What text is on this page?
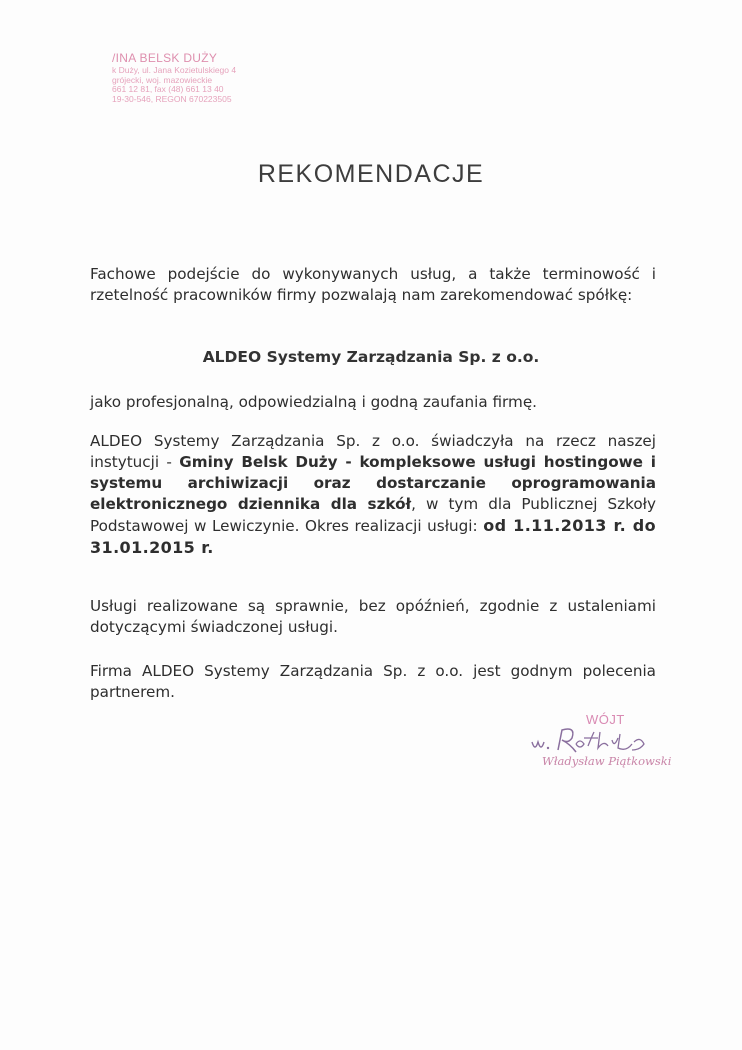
/INA BELSK DUŻY
k Duży, ul. Jana Kozietulskiego 4
grójecki, woj. mazowieckie
661 12 81, fax (48) 661 13 40
19-30-546, REGON 670223505
REKOMENDACJE
Fachowe podejście do wykonywanych usług, a także terminowość i rzetelność pracowników firmy pozwalają nam zarekomendować spółkę:
ALDEO Systemy Zarządzania Sp. z o.o.
jako profesjonalną, odpowiedzialną i godną zaufania firmę.
ALDEO Systemy Zarządzania Sp. z o.o. świadczyła na rzecz naszej instytucji - Gminy Belsk Duży - kompleksowe usługi hostingowe i systemu archiwizacji oraz dostarczanie oprogramowania elektronicznego dziennika dla szkół, w tym dla Publicznej Szkoły Podstawowej w Lewiczynie. Okres realizacji usługi: od 1.11.2013 r. do 31.01.2015 r.
Usługi realizowane są sprawnie, bez opóźnień, zgodnie z ustaleniami dotyczącymi świadczonej usługi.
Firma ALDEO Systemy Zarządzania Sp. z o.o. jest godnym polecenia partnerem.
WÓJT
Władysław Piątkowski
